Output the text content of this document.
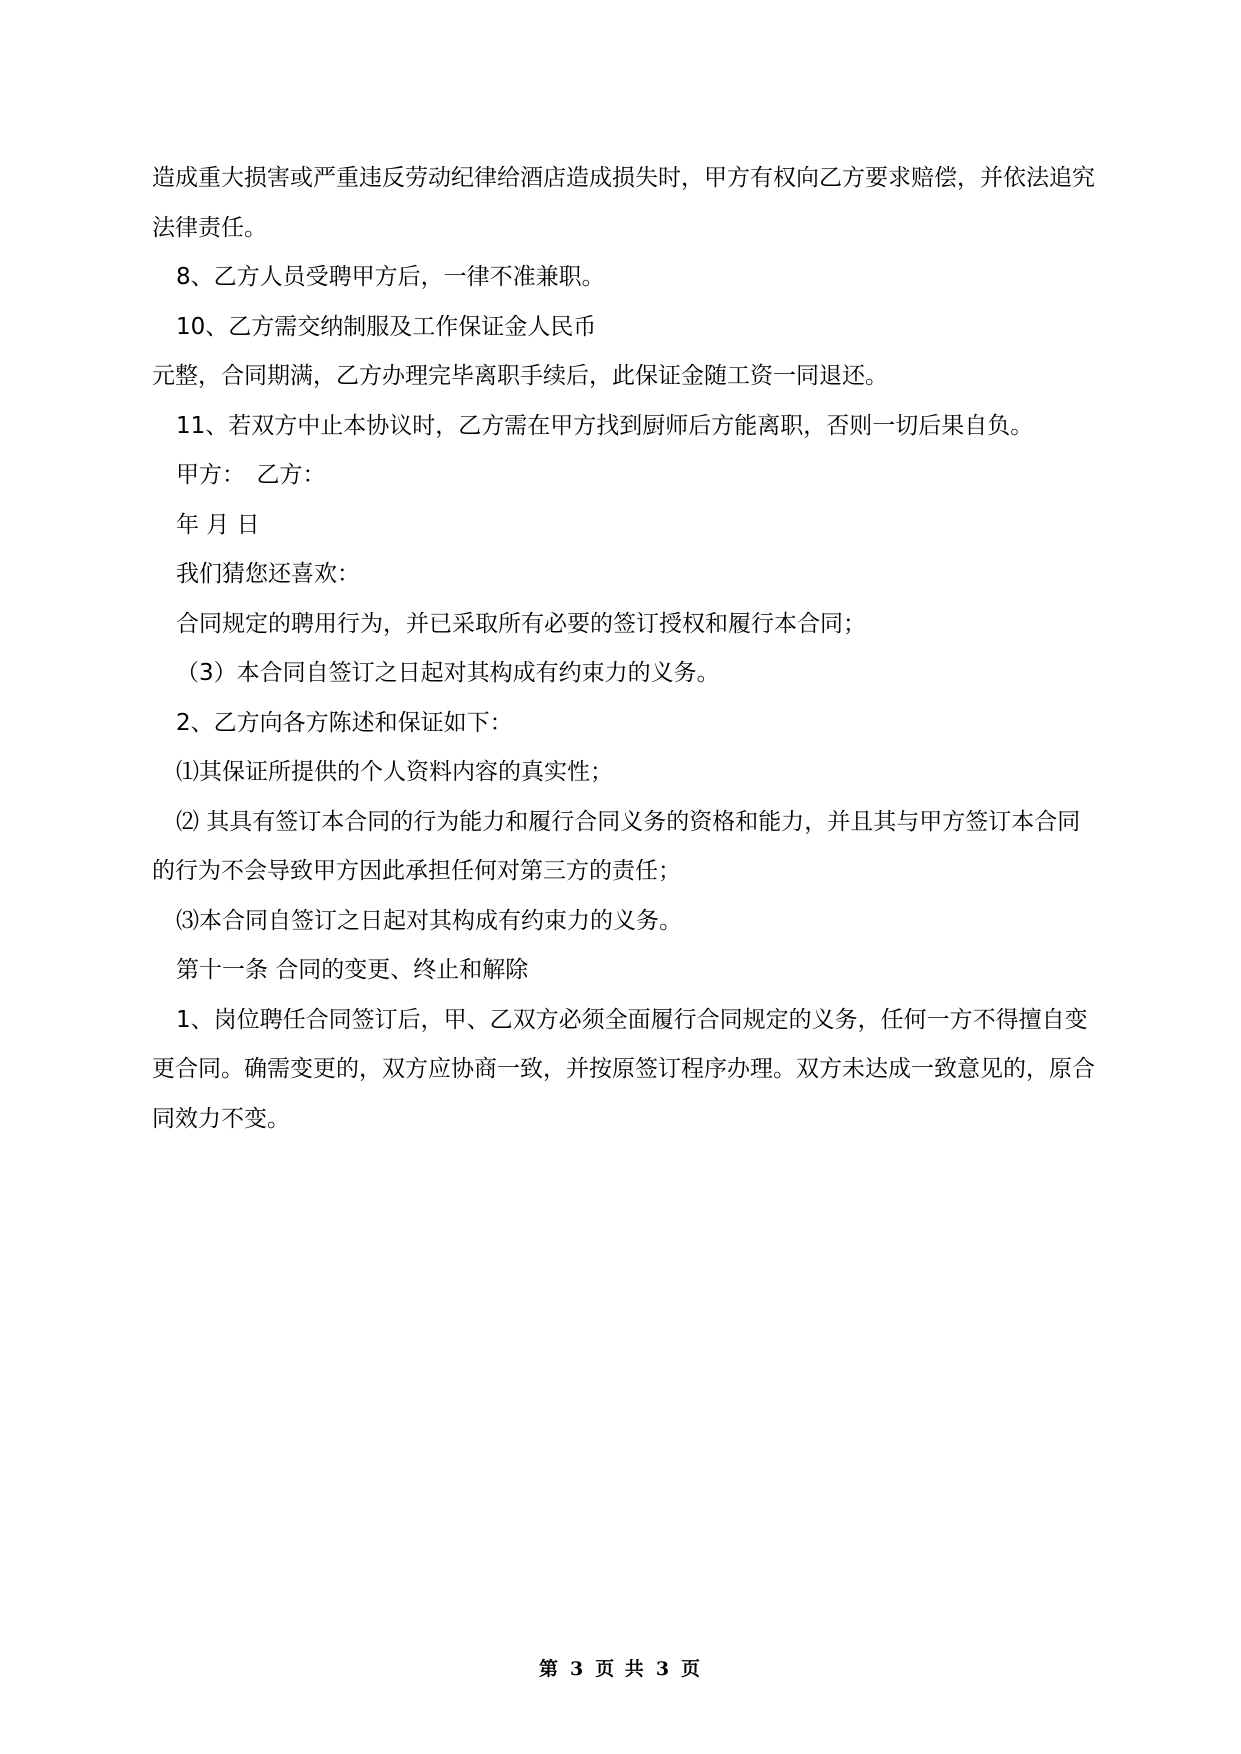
造成重大损害或严重违反劳动纪律给酒店造成损失时，甲方有权向乙方要求赔偿，并依法追究法律责任。

8、乙方人员受聘甲方后，一律不准兼职。

10、乙方需交纳制服及工作保证金人民币

元整，合同期满，乙方办理完毕离职手续后，此保证金随工资一同退还。

11、若双方中止本协议时，乙方需在甲方找到厨师后方能离职，否则一切后果自负。

甲方：　乙方：

年 月 日

我们猜您还喜欢：

合同规定的聘用行为，并已采取所有必要的签订授权和履行本合同；

（3）本合同自签订之日起对其构成有约束力的义务。

2、乙方向各方陈述和保证如下：

⑴其保证所提供的个人资料内容的真实性；

⑵ 其具有签订本合同的行为能力和履行合同义务的资格和能力，并且其与甲方签订本合同的行为不会导致甲方因此承担任何对第三方的责任；

⑶本合同自签订之日起对其构成有约束力的义务。

第十一条 合同的变更、终止和解除

1、岗位聘任合同签订后，甲、乙双方必须全面履行合同规定的义务，任何一方不得擅自变更合同。确需变更的，双方应协商一致，并按原签订程序办理。双方未达成一致意见的，原合同效力不变。

第 3 页 共 3 页
